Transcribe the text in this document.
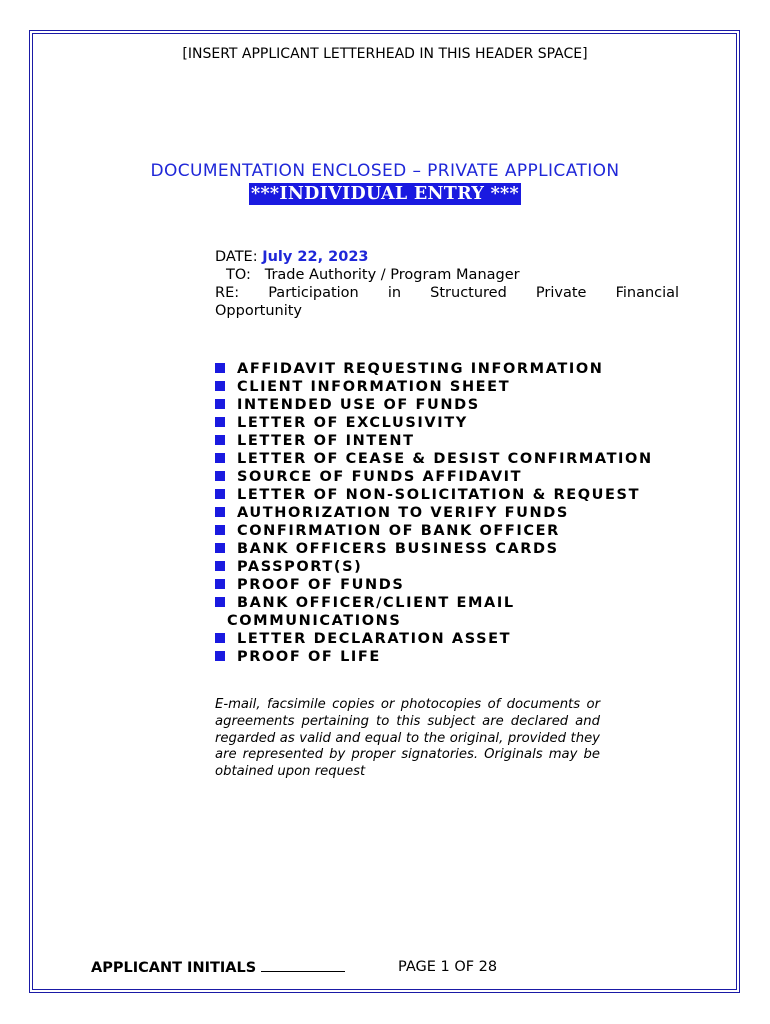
[INSERT APPLICANT LETTERHEAD IN THIS HEADER SPACE]
DOCUMENTATION ENCLOSED – PRIVATE APPLICATION
***INDIVIDUAL ENTRY ***
DATE: July 22, 2023
TO: Trade Authority / Program Manager
RE: Participation in Structured Private Financial
Opportunity
AFFIDAVIT REQUESTING INFORMATION
CLIENT INFORMATION SHEET
INTENDED USE OF FUNDS
LETTER OF EXCLUSIVITY
LETTER OF INTENT
LETTER OF CEASE & DESIST CONFIRMATION
SOURCE OF FUNDS AFFIDAVIT
LETTER OF NON-SOLICITATION & REQUEST
AUTHORIZATION TO VERIFY FUNDS
CONFIRMATION OF BANK OFFICER
BANK OFFICERS BUSINESS CARDS
PASSPORT(S)
PROOF OF FUNDS
BANK OFFICER/CLIENT EMAIL
COMMUNICATIONS
LETTER DECLARATION ASSET
PROOF OF LIFE
E-mail, facsimile copies or photocopies of documents or agreements pertaining to this subject are declared and regarded as valid and equal to the original, provided they are represented by proper signatories. Originals may be obtained upon request
APPLICANT INITIALS	PAGE 1 OF 28
